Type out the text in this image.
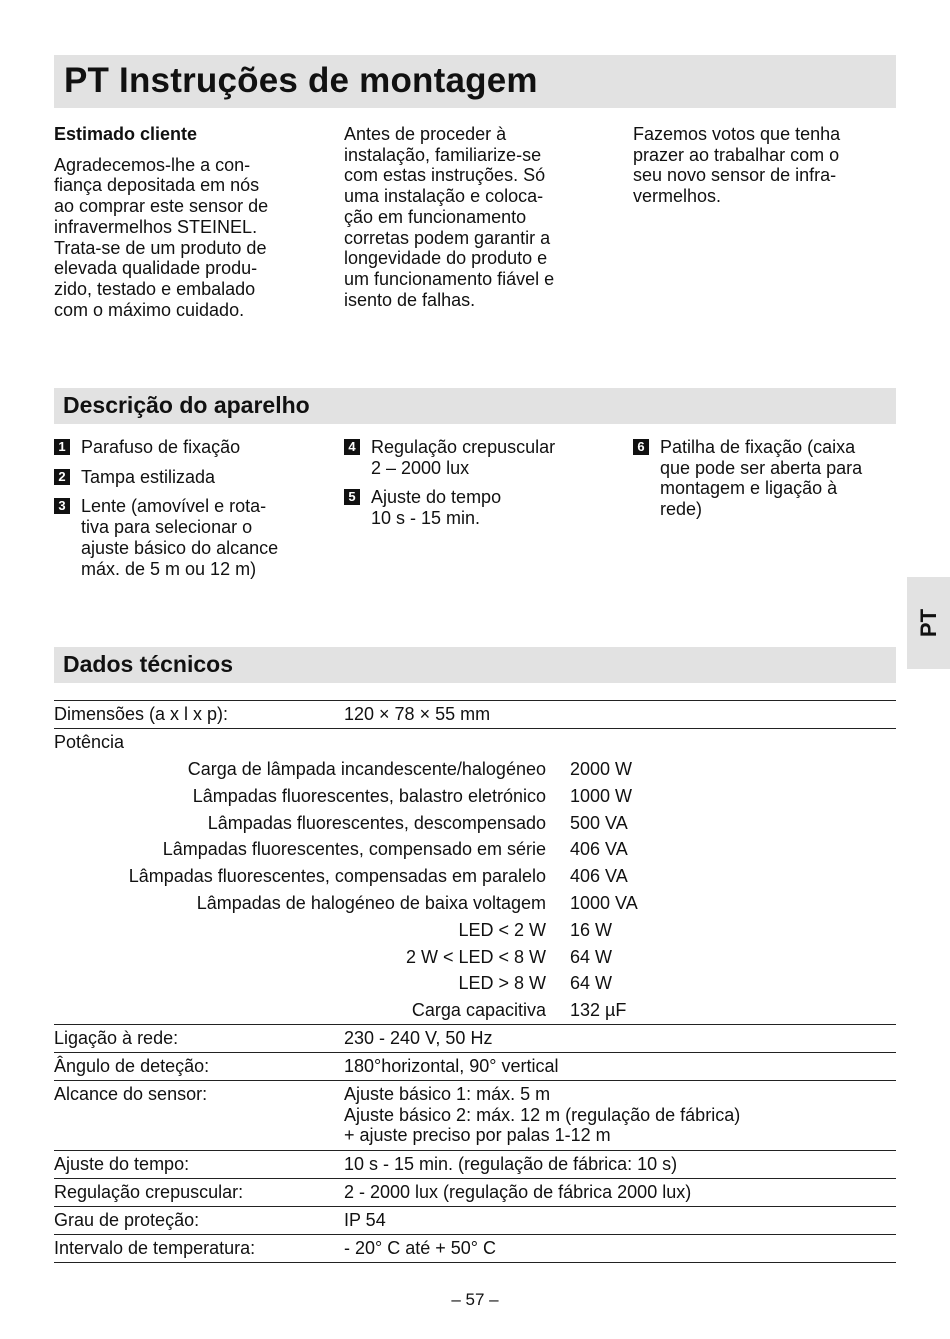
PT Instruções de montagem

Estimado cliente

Agradecemos-lhe a con-
fiança depositada em nós
ao comprar este sensor de
infravermelhos STEINEL.
Trata-se de um produto de
elevada qualidade produ-
zido, testado e embalado
com o máximo cuidado.
Antes de proceder à
instalação, familiarize-se
com estas instruções. Só
uma instalação e coloca-
ção em funcionamento
corretas podem garantir a
longevidade do produto e
um funcionamento fiável e
isento de falhas.
Fazemos votos que tenha
prazer ao trabalhar com o
seu novo sensor de infra-
vermelhos.
Descrição do aparelho
1 Parafuso de fixação
2 Tampa estilizada
3 Lente (amovível e rota-
tiva para selecionar o
ajuste básico do alcance
máx. de 5 m ou 12 m)
4 Regulação crepuscular
2 – 2000 lux
5 Ajuste do tempo
10 s - 15 min.
6 Patilha de fixação (caixa
que pode ser aberta para
montagem e ligação à
rede)
PT
Dados técnicos
Dimensões (a x l x p):	120 × 78 × 55 mm
Potência
Carga de lâmpada incandescente/halogéneo 2000 W
Lâmpadas fluorescentes, balastro eletrónico 1000 W
Lâmpadas fluorescentes, descompensado 500 VA
Lâmpadas fluorescentes, compensado em série 406 VA
Lâmpadas fluorescentes, compensadas em paralelo 406 VA
Lâmpadas de halogéneo de baixa voltagem 1000 VA
LED < 2 W 16 W
2 W < LED < 8 W 64 W
LED > 8 W 64 W
Carga capacitiva 132 µF
Ligação à rede:	230 - 240 V, 50 Hz
Ângulo de deteção:	180°horizontal, 90° vertical
Alcance do sensor:	Ajuste básico 1: máx. 5 m
Ajuste básico 2: máx. 12 m (regulação de fábrica)
+ ajuste preciso por palas 1-12 m
Ajuste do tempo:	10 s - 15 min. (regulação de fábrica: 10 s)
Regulação crepuscular:	2 - 2000 lux (regulação de fábrica 2000 lux)
Grau de proteção:	IP 54
Intervalo de temperatura:	- 20° C até + 50° C
– 57 –
